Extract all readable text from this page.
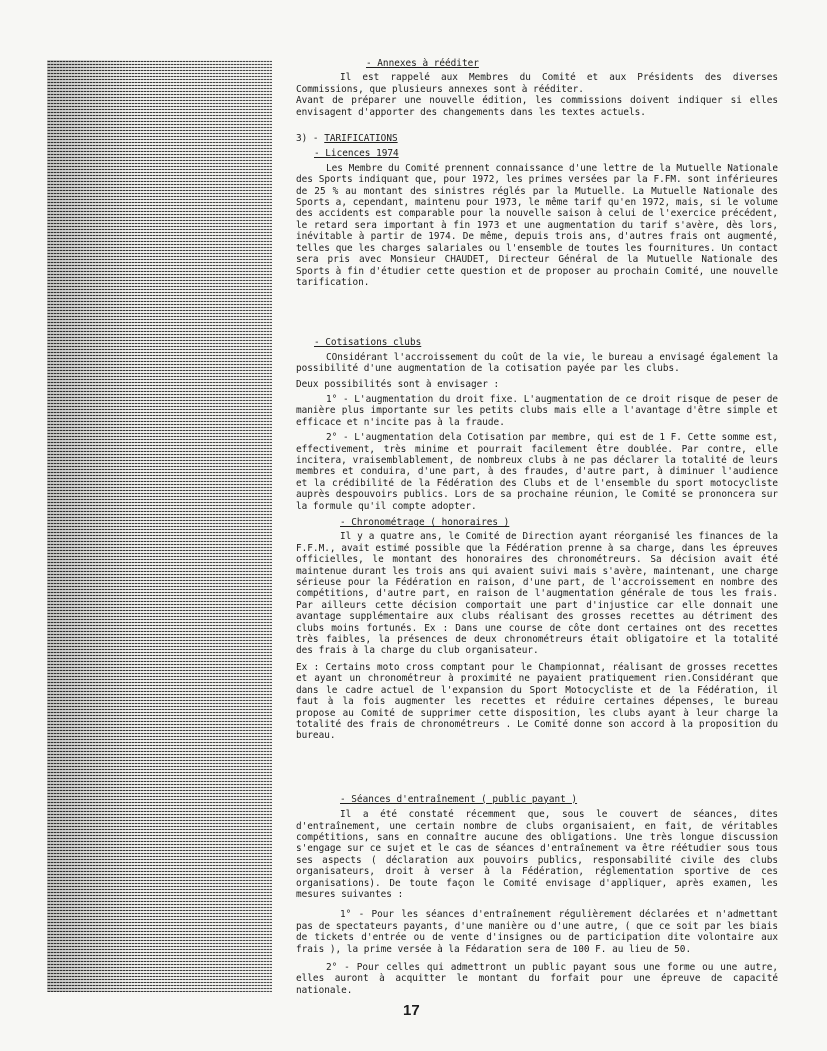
- Annexes à rééditer

Il est rappelé aux Membres du Comité et aux Présidents des diverses Commissions, que plusieurs annexes sont à rééditer.

Avant de préparer une nouvelle édition, les commissions doivent indiquer si elles envisagent d'apporter des changements dans les textes actuels.

3) - TARIFICATIONS

- Licences 1974

Les Membre du Comité prennent connaissance d'une lettre de la Mutuelle Nationale des Sports indiquant que, pour 1972, les primes versées par la F.FM. sont inférieures de 25 % au montant des sinistres réglés par la Mutuelle. La Mutuelle Nationale des Sports a, cependant, maintenu pour 1973, le même tarif qu'en 1972, mais, si le volume des accidents est comparable pour la nouvelle saison à celui de l'exercice précédent, le retard sera important à fin 1973 et une augmentation du tarif s'avère, dès lors, inévitable à partir de 1974. De même, depuis trois ans, d'autres frais ont augmenté, telles que les charges salariales ou l'ensemble de toutes les fournitures. Un contact sera pris avec Monsieur CHAUDET, Directeur Général de la Mutuelle Nationale des Sports à fin d'étudier cette question et de proposer au prochain Comité, une nouvelle tarification.

- Cotisations clubs

COnsidérant l'accroissement du coût de la vie, le bureau a envisagé également la possibilité d'une augmentation de la cotisation payée par les clubs.

Deux possibilités sont à envisager :

1° - L'augmentation du droit fixe. L'augmentation de ce droit risque de peser de manière plus importante sur les petits clubs mais elle a l'avantage d'être simple et efficace et n'incite pas à la fraude.

2° - L'augmentation dela Cotisation par membre, qui est de 1 F. Cette somme est, effectivement, très minime et pourrait facilement être doublée. Par contre, elle incitera, vraisemblablement, de nombreux clubs à ne pas déclarer la totalité de leurs membres et conduira, d'une part, à des fraudes, d'autre part, à diminuer l'audience et la crédibilité de la Fédération des Clubs et de l'ensemble du sport motocycliste auprès despouvoirs publics. Lors de sa prochaine réunion, le Comité se prononcera sur la formule qu'il compte adopter.

- Chronométrage ( honoraires )

Il y a quatre ans, le Comité de Direction ayant réorganisé les finances de la F.F.M., avait estimé possible que la Fédération prenne à sa charge, dans les épreuves officielles, le montant des honoraires des chronométreurs. Sa décision avait été maintenue durant les trois ans qui avaient suivi mais s'avère, maintenant, une charge sérieuse pour la Fédération en raison, d'une part, de l'accroissement en nombre des compétitions, d'autre part, en raison de l'augmentation générale de tous les frais. Par ailleurs cette décision comportait une part d'injustice car elle donnait une avantage supplémentaire aux clubs réalisant des grosses recettes au détriment des clubs moins fortunés. Ex : Dans une course de côte dont certaines ont des recettes très faibles, la présences de deux chronométreurs était obligatoire et la totalité des frais à la charge du club organisateur.

Ex : Certains moto cross comptant pour le Championnat, réalisant de grosses recettes et ayant un chronométreur à proximité ne payaient pratiquement rien.Considérant que dans le cadre actuel de l'expansion du Sport Motocycliste et de la Fédération, il faut à la fois augmenter les recettes et réduire certaines dépenses, le bureau propose au Comité de supprimer cette disposition, les clubs ayant à leur charge la totalité des frais de chronométreurs . Le Comité donne son accord à la proposition du bureau.

- Séances d'entraînement ( public payant )

Il a été constaté récemment que, sous le couvert de séances, dites d'entraînement, une certain nombre de clubs organisaient, en fait, de véritables compétitions, sans en connaître aucune des obligations. Une très longue discussion s'engage sur ce sujet et le cas de séances d'entraînement va être réétudier sous tous ses aspects ( déclaration aux pouvoirs publics, responsabilité civile des clubs organisateurs, droit à verser à la Fédération, réglementation sportive de ces organisations). De toute façon le Comité envisage d'appliquer, après examen, les mesures suivantes :

1° - Pour les séances d'entraînement régulièrement déclarées et n'admettant pas de spectateurs payants, d'une manière ou d'une autre, ( que ce soit par les biais de tickets d'entrée ou de vente d'insignes ou de participation dite volontaire aux frais ), la prime versée à la Fédaration sera de 100 F. au lieu de 50.

2° - Pour celles qui admettront un public payant sous une forme ou une autre, elles auront à acquitter le montant du forfait pour une épreuve de capacité nationale.

17
